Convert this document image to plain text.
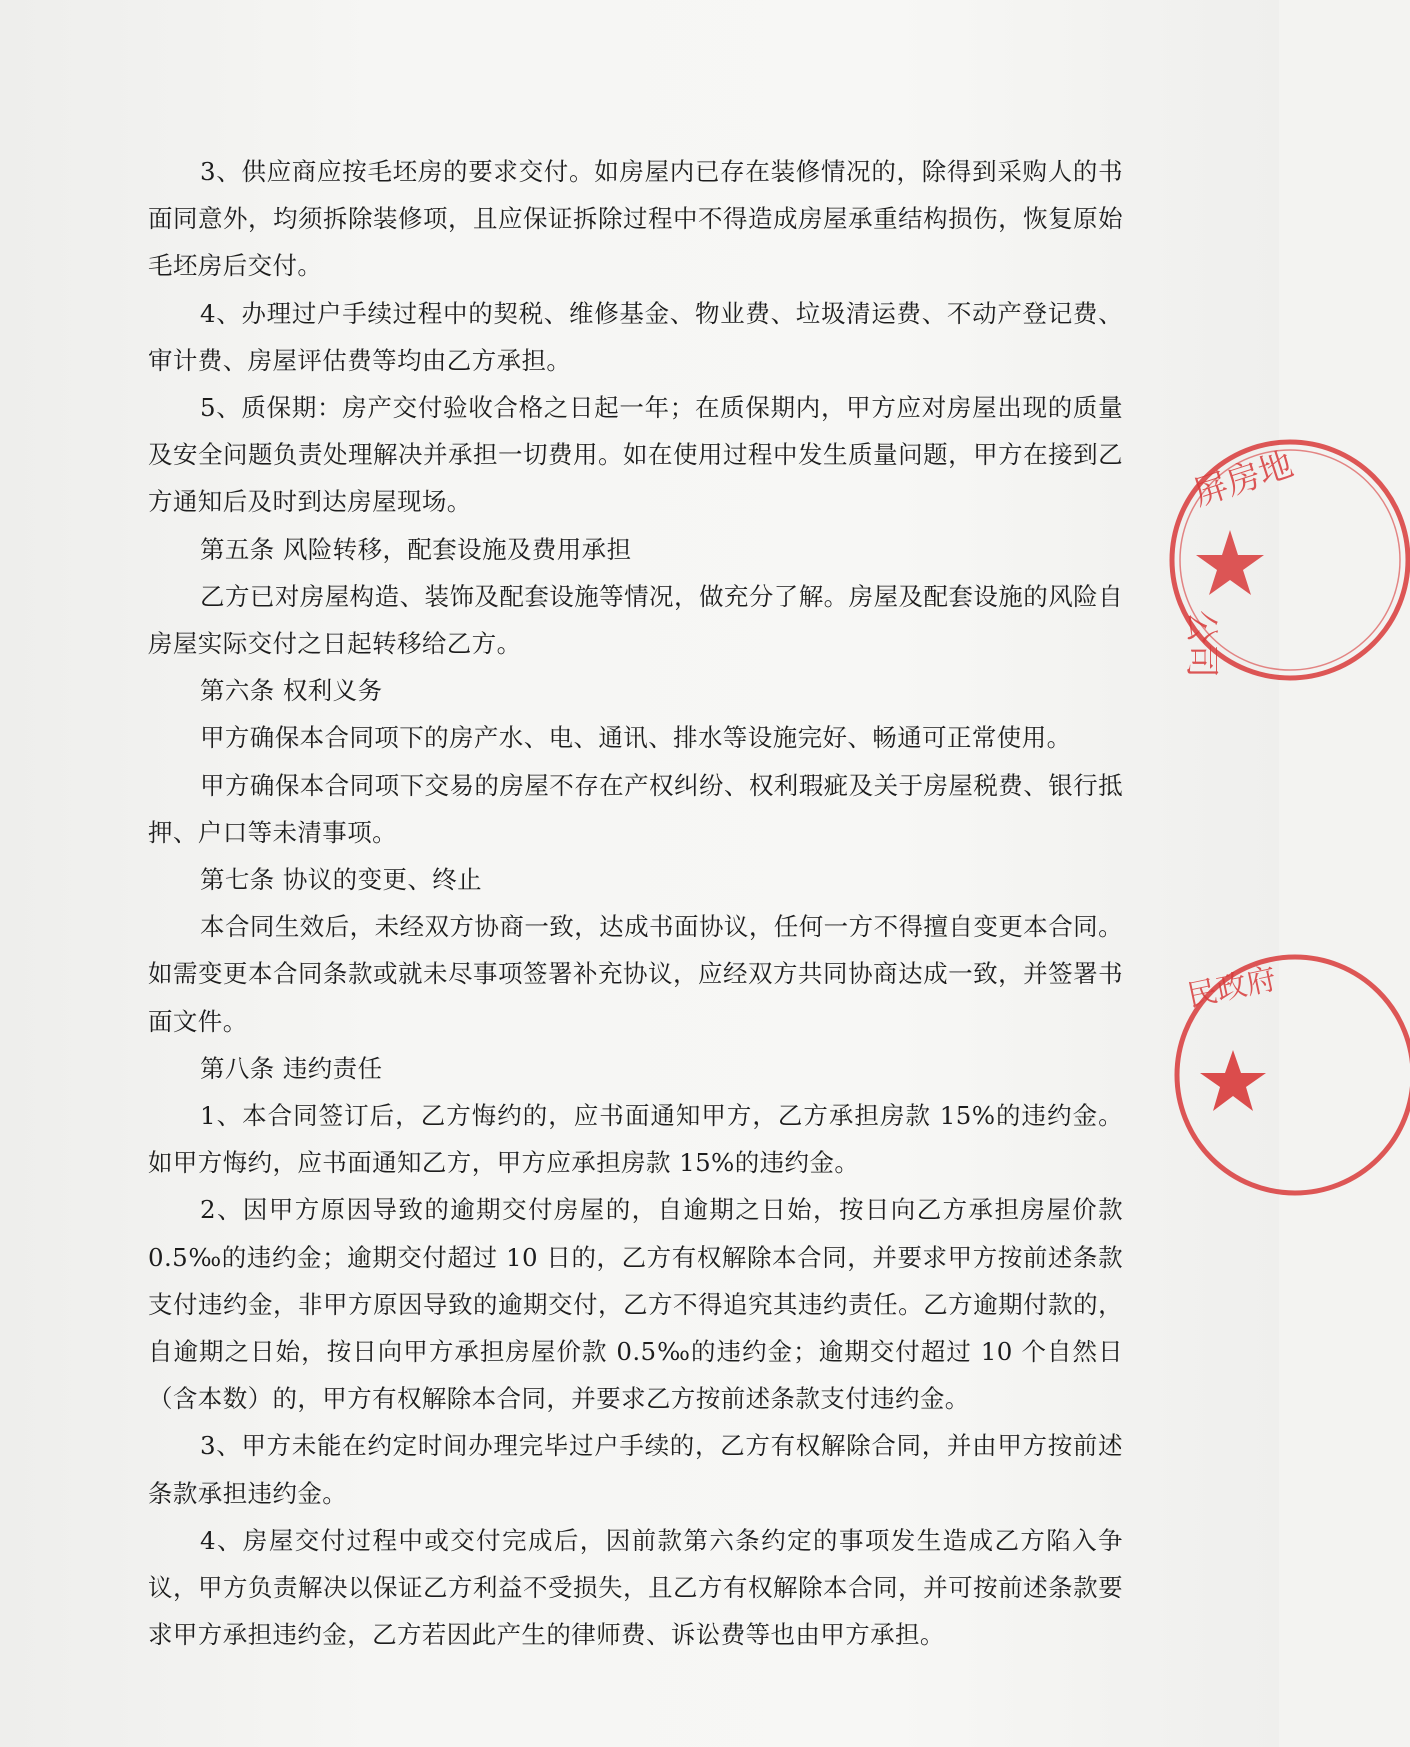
3、供应商应按毛坯房的要求交付。如房屋内已存在装修情况的，除得到采购人的书面同意外，均须拆除装修项，且应保证拆除过程中不得造成房屋承重结构损伤，恢复原始毛坯房后交付。

4、办理过户手续过程中的契税、维修基金、物业费、垃圾清运费、不动产登记费、审计费、房屋评估费等均由乙方承担。

5、质保期：房产交付验收合格之日起一年；在质保期内，甲方应对房屋出现的质量及安全问题负责处理解决并承担一切费用。如在使用过程中发生质量问题，甲方在接到乙方通知后及时到达房屋现场。

第五条 风险转移，配套设施及费用承担

乙方已对房屋构造、装饰及配套设施等情况，做充分了解。房屋及配套设施的风险自房屋实际交付之日起转移给乙方。

第六条 权利义务

甲方确保本合同项下的房产水、电、通讯、排水等设施完好、畅通可正常使用。

甲方确保本合同项下交易的房屋不存在产权纠纷、权利瑕疵及关于房屋税费、银行抵押、户口等未清事项。

第七条 协议的变更、终止

本合同生效后，未经双方协商一致，达成书面协议，任何一方不得擅自变更本合同。如需变更本合同条款或就未尽事项签署补充协议，应经双方共同协商达成一致，并签署书面文件。

第八条 违约责任

1、本合同签订后，乙方悔约的，应书面通知甲方，乙方承担房款 15%的违约金。如甲方悔约，应书面通知乙方，甲方应承担房款 15%的违约金。

2、因甲方原因导致的逾期交付房屋的，自逾期之日始，按日向乙方承担房屋价款 0.5‰的违约金；逾期交付超过 10 日的，乙方有权解除本合同，并要求甲方按前述条款支付违约金，非甲方原因导致的逾期交付，乙方不得追究其违约责任。乙方逾期付款的，自逾期之日始，按日向甲方承担房屋价款 0.5‰的违约金；逾期交付超过 10 个自然日（含本数）的，甲方有权解除本合同，并要求乙方按前述条款支付违约金。

3、甲方未能在约定时间办理完毕过户手续的，乙方有权解除合同，并由甲方按前述条款承担违约金。

4、房屋交付过程中或交付完成后，因前款第六条约定的事项发生造成乙方陷入争议，甲方负责解决以保证乙方利益不受损失，且乙方有权解除本合同，并可按前述条款要求甲方承担违约金，乙方若因此产生的律师费、诉讼费等也由甲方承担。

屏房地
公司
民政府
